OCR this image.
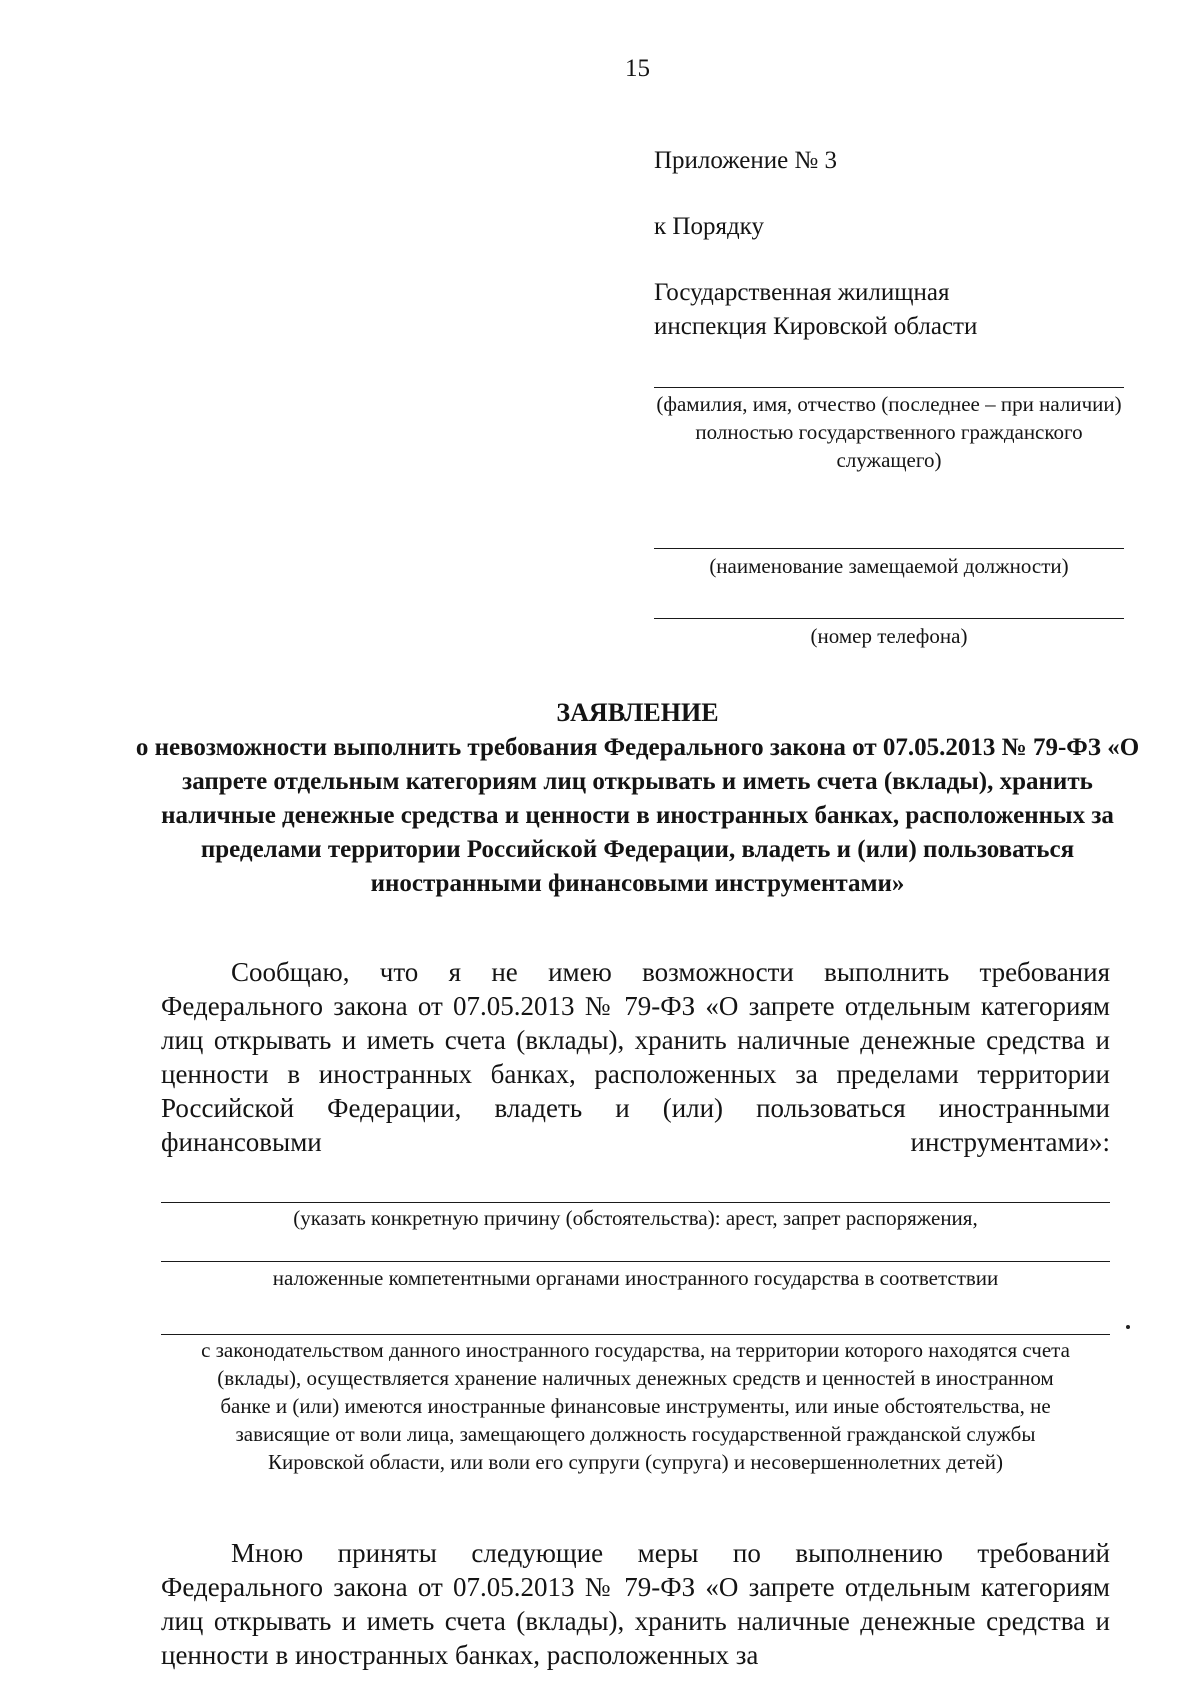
15
Приложение № 3
к Порядку
Государственная жилищная инспекция Кировской области
(фамилия, имя, отчество (последнее – при наличии) полностью государственного гражданского служащего)
(наименование замещаемой должности)
(номер телефона)
ЗАЯВЛЕНИЕ
о невозможности выполнить требования Федерального закона от 07.05.2013 № 79-ФЗ «О запрете отдельным категориям лиц открывать и иметь счета (вклады), хранить наличные денежные средства и ценности в иностранных банках, расположенных за пределами территории Российской Федерации, владеть и (или) пользоваться иностранными финансовыми инструментами»
Сообщаю, что я не имею возможности выполнить требования Федерального закона от 07.05.2013 № 79-ФЗ «О запрете отдельным категориям лиц открывать и иметь счета (вклады), хранить наличные денежные средства и ценности в иностранных банках, расположенных за пределами территории Российской Федерации, владеть и (или) пользоваться иностранными финансовыми инструментами»:
(указать конкретную причину (обстоятельства): арест, запрет распоряжения,
наложенные компетентными органами иностранного государства в соответствии
с законодательством данного иностранного государства, на территории которого находятся счета (вклады), осуществляется хранение наличных денежных средств и ценностей в иностранном банке и (или) имеются иностранные финансовые инструменты, или иные обстоятельства, не зависящие от воли лица, замещающего должность государственной гражданской службы Кировской области, или воли его супруги (супруга) и несовершеннолетних детей)
Мною приняты следующие меры по выполнению требований Федерального закона от 07.05.2013 № 79-ФЗ «О запрете отдельным категориям лиц открывать и иметь счета (вклады), хранить наличные денежные средства и ценности в иностранных банках, расположенных за
